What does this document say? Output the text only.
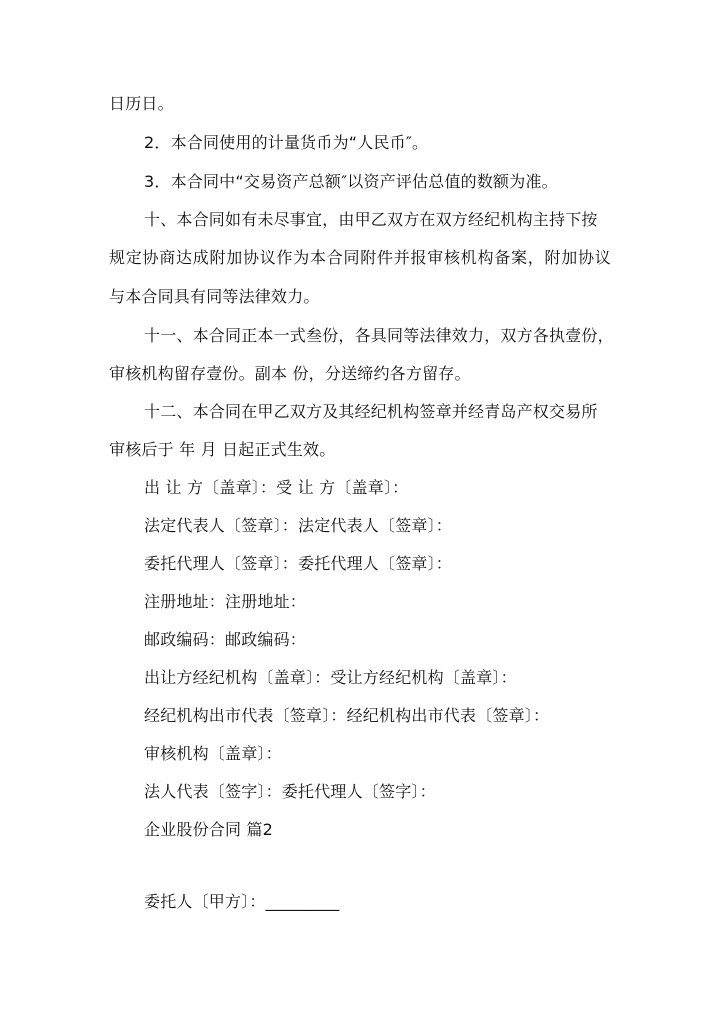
日历日。
2．本合同使用的计量货币为“人民币″。
3．本合同中“交易资产总额″以资产评估总值的数额为准。
十、本合同如有未尽事宜，由甲乙双方在双方经纪机构主持下按
规定协商达成附加协议作为本合同附件并报审核机构备案，附加协议
与本合同具有同等法律效力。
十一、本合同正本一式叁份，各具同等法律效力，双方各执壹份，
审核机构留存壹份。副本 份，分送缔约各方留存。
十二、本合同在甲乙双方及其经纪机构签章并经青岛产权交易所
审核后于 年 月 日起正式生效。
出 让 方〔盖章〕：受 让 方〔盖章〕：
法定代表人〔签章〕：法定代表人〔签章〕：
委托代理人〔签章〕：委托代理人〔签章〕：
注册地址：注册地址：
邮政编码：邮政编码：
出让方经纪机构〔盖章〕：受让方经纪机构〔盖章〕：
经纪机构出市代表〔签章〕：经纪机构出市代表〔签章〕：
审核机构〔盖章〕：
法人代表〔签字〕：委托代理人〔签字〕：
企业股份合同 篇2
委托人〔甲方〕：_________
